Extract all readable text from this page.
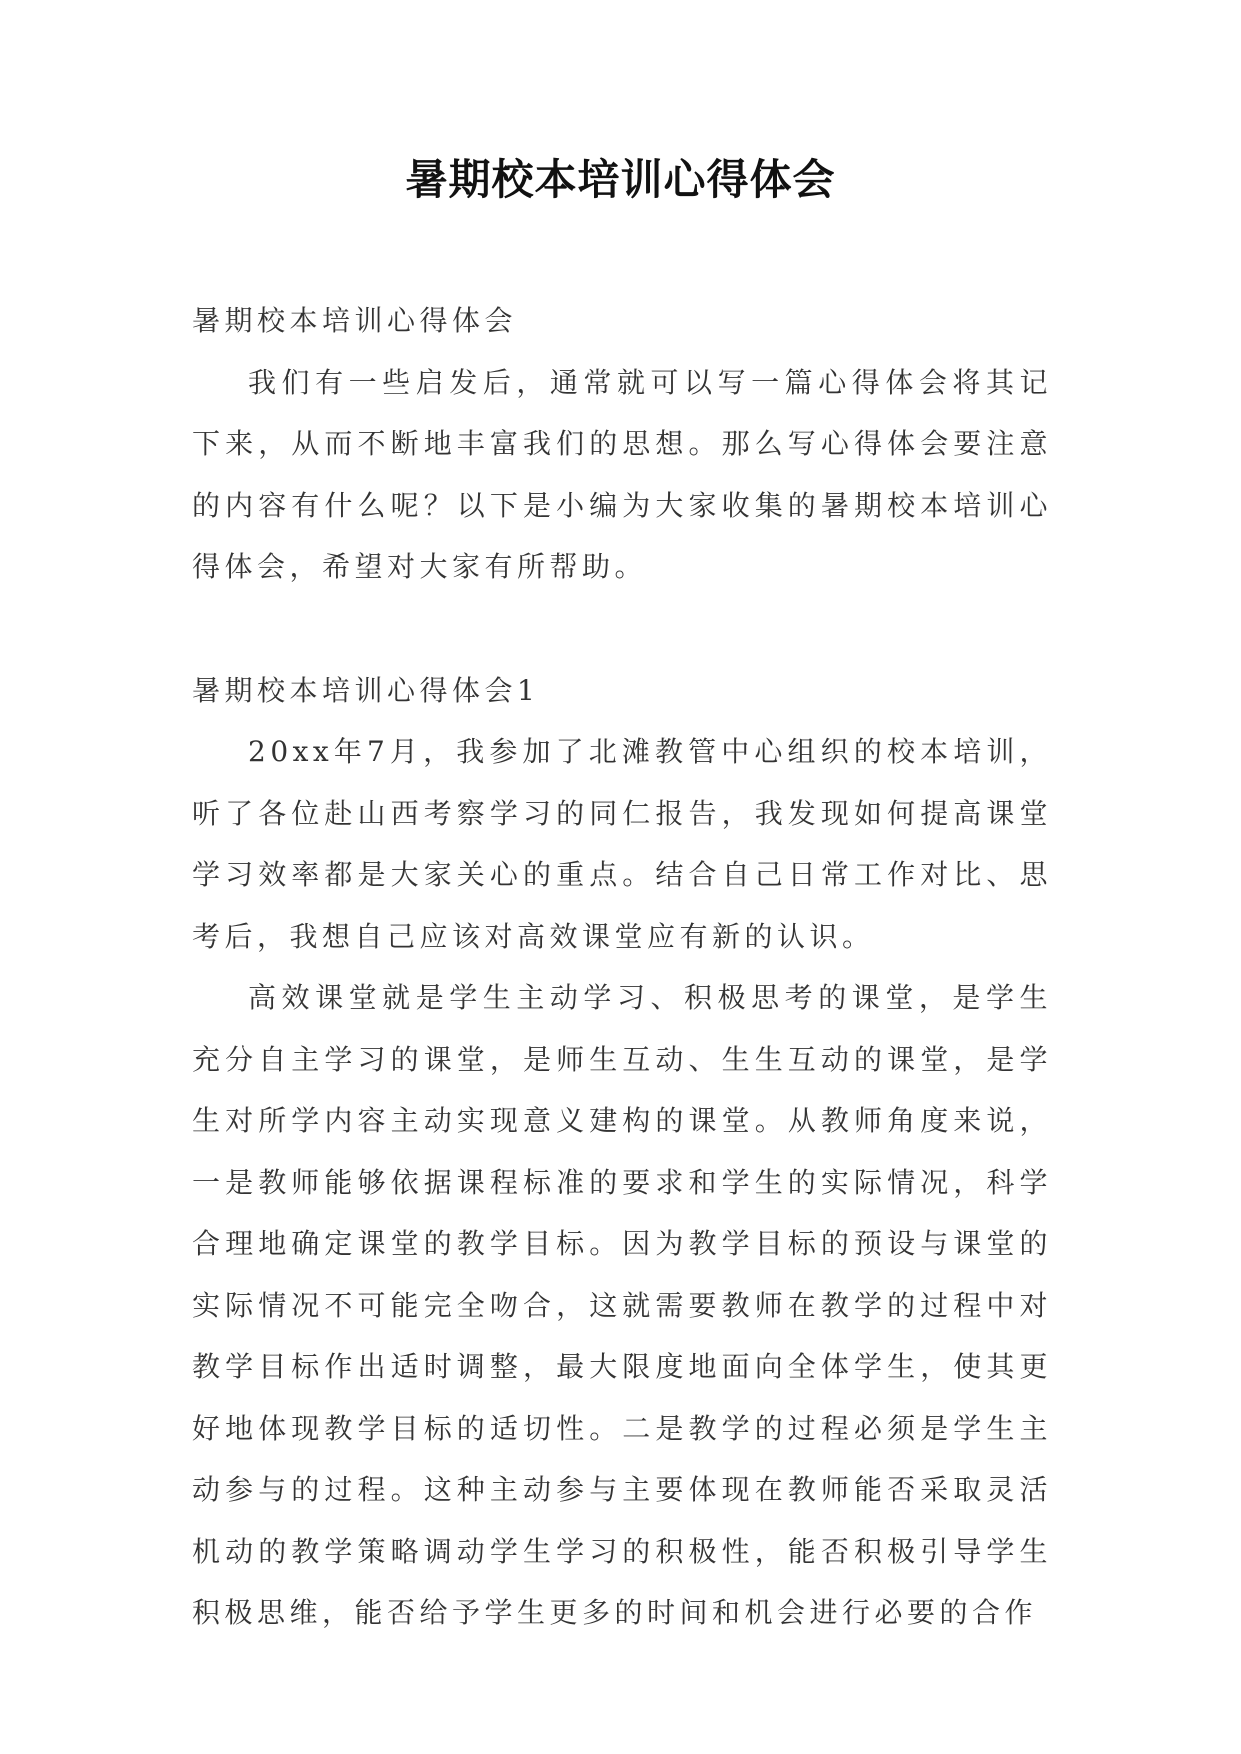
暑期校本培训心得体会

暑期校本培训心得体会

我们有一些启发后，通常就可以写一篇心得体会将其记下来，从而不断地丰富我们的思想。那么写心得体会要注意的内容有什么呢？以下是小编为大家收集的暑期校本培训心得体会，希望对大家有所帮助。

暑期校本培训心得体会1

20xx年7月，我参加了北滩教管中心组织的校本培训，听了各位赴山西考察学习的同仁报告，我发现如何提高课堂学习效率都是大家关心的重点。结合自己日常工作对比、思考后，我想自己应该对高效课堂应有新的认识。

高效课堂就是学生主动学习、积极思考的课堂，是学生充分自主学习的课堂，是师生互动、生生互动的课堂，是学生对所学内容主动实现意义建构的课堂。从教师角度来说，一是教师能够依据课程标准的要求和学生的实际情况，科学合理地确定课堂的教学目标。因为教学目标的预设与课堂的实际情况不可能完全吻合，这就需要教师在教学的过程中对教学目标作出适时调整，最大限度地面向全体学生，使其更好地体现教学目标的适切性。二是教学的过程必须是学生主动参与的过程。这种主动参与主要体现在教师能否采取灵活机动的教学策略调动学生学习的积极性，能否积极引导学生积极思维，能否给予学生更多的时间和机会进行必要的合作
